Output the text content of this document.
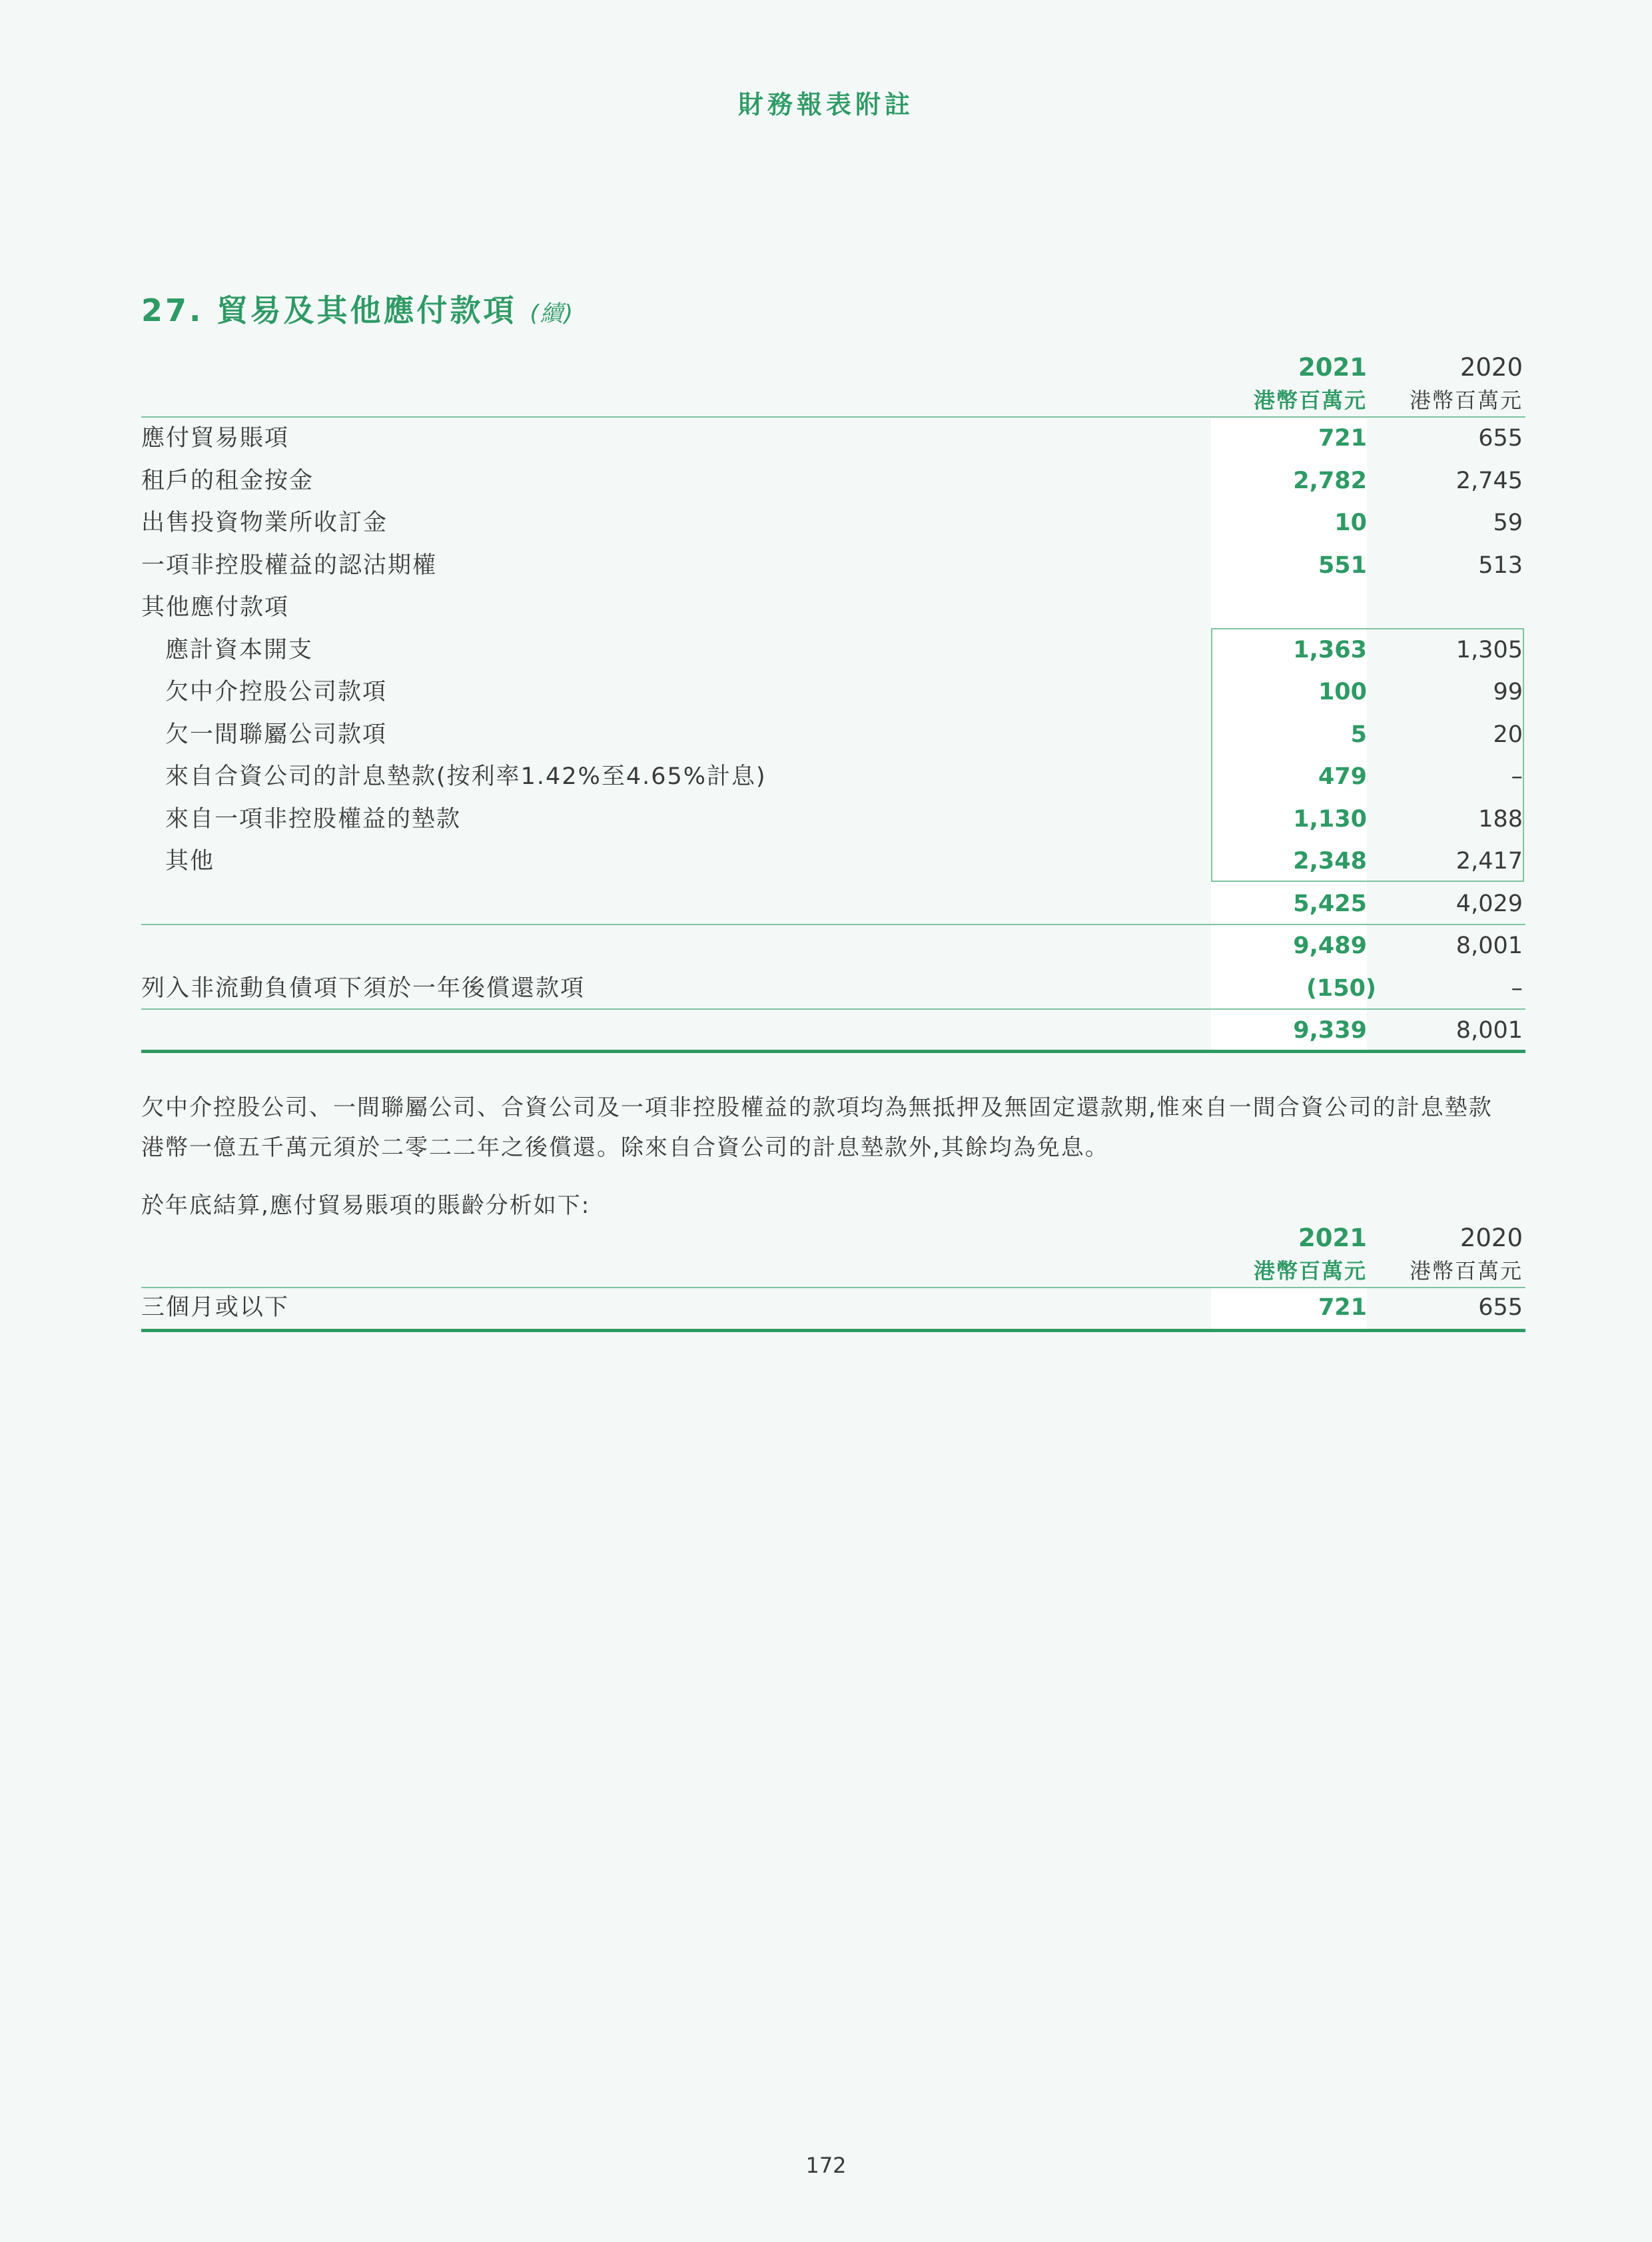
財務報表附註
27. 貿易及其他應付款項 (續)
2021	2020
港幣百萬元	港幣百萬元
應付貿易賬項	721	655
租戶的租金按金	2,782	2,745
出售投資物業所收訂金	10	59
一項非控股權益的認沽期權	551	513
其他應付款項
應計資本開支	1,363	1,305
欠中介控股公司款項	100	99
欠一間聯屬公司款項	5	20
來自合資公司的計息墊款(按利率1.42%至4.65%計息)	479	–
來自一項非控股權益的墊款	1,130	188
其他	2,348	2,417
5,425	4,029
9,489	8,001
列入非流動負債項下須於一年後償還款項	(150)	–
9,339	8,001
欠中介控股公司、一間聯屬公司、合資公司及一項非控股權益的款項均為無抵押及無固定還款期,惟來自一間合資公司的計息墊款
港幣一億五千萬元須於二零二二年之後償還。除來自合資公司的計息墊款外,其餘均為免息。
於年底結算,應付貿易賬項的賬齡分析如下:
2021	2020
港幣百萬元	港幣百萬元
三個月或以下	721	655
172
